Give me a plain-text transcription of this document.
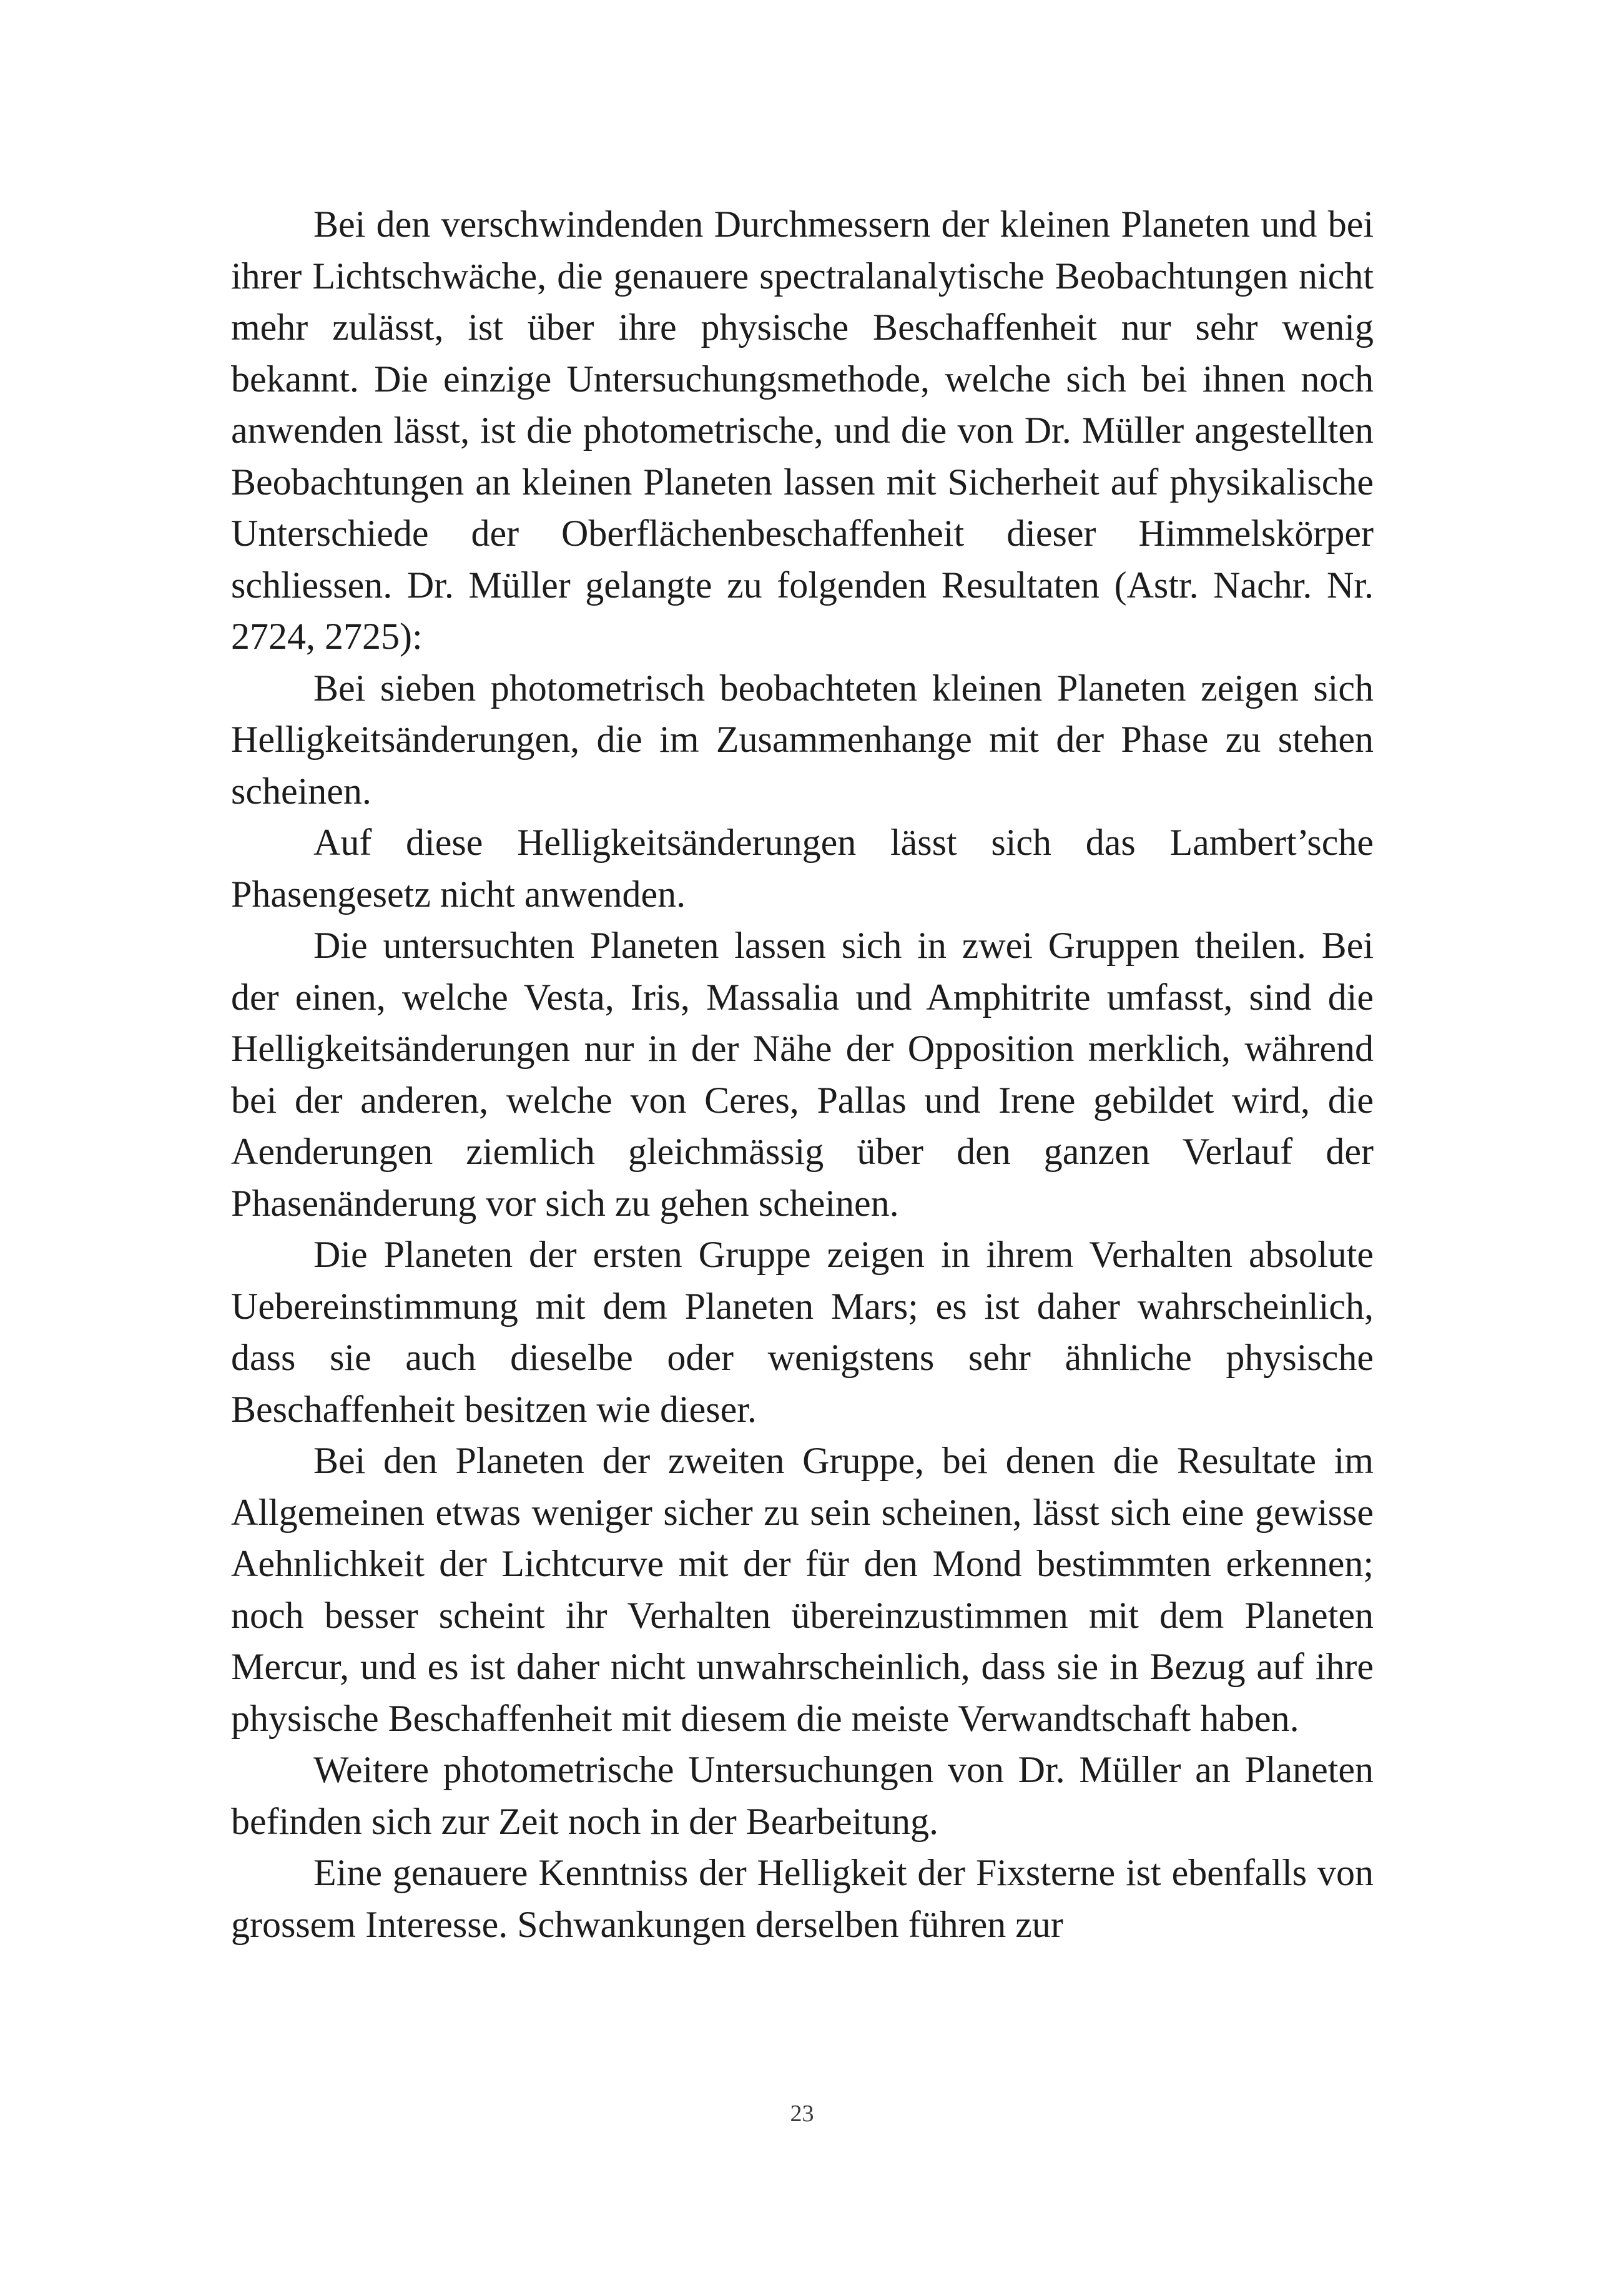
Bei den verschwindenden Durchmessern der kleinen Planeten und bei ihrer Lichtschwäche, die genauere spectralanalytische Beobachtungen nicht mehr zulässt, ist über ihre physische Beschaffenheit nur sehr wenig bekannt. Die einzige Untersuchungsmethode, welche sich bei ihnen noch anwenden lässt, ist die photometrische, und die von Dr. Müller angestellten Beobachtungen an kleinen Planeten lassen mit Sicherheit auf physikalische Unterschiede der Oberflächenbeschaffenheit dieser Himmelskörper schliessen. Dr. Müller gelangte zu folgenden Resultaten (Astr. Nachr. Nr. 2724, 2725):

Bei sieben photometrisch beobachteten kleinen Planeten zeigen sich Helligkeitsänderungen, die im Zusammenhange mit der Phase zu stehen scheinen.

Auf diese Helligkeitsänderungen lässt sich das Lambert’sche Phasengesetz nicht anwenden.

Die untersuchten Planeten lassen sich in zwei Gruppen theilen. Bei der einen, welche Vesta, Iris, Massalia und Amphitrite umfasst, sind die Helligkeitsänderungen nur in der Nähe der Opposition merklich, während bei der anderen, welche von Ceres, Pallas und Irene gebildet wird, die Aenderungen ziemlich gleichmässig über den ganzen Verlauf der Phasenänderung vor sich zu gehen scheinen.

Die Planeten der ersten Gruppe zeigen in ihrem Verhalten absolute Uebereinstimmung mit dem Planeten Mars; es ist daher wahrscheinlich, dass sie auch dieselbe oder wenigstens sehr ähnliche physische Beschaffenheit besitzen wie dieser.

Bei den Planeten der zweiten Gruppe, bei denen die Resultate im Allgemeinen etwas weniger sicher zu sein scheinen, lässt sich eine gewisse Aehnlichkeit der Lichtcurve mit der für den Mond bestimmten erkennen; noch besser scheint ihr Verhalten übereinzustimmen mit dem Planeten Mercur, und es ist daher nicht unwahrscheinlich, dass sie in Bezug auf ihre physische Beschaffenheit mit diesem die meiste Verwandtschaft haben.

Weitere photometrische Untersuchungen von Dr. Müller an Planeten befinden sich zur Zeit noch in der Bearbeitung.

Eine genauere Kenntniss der Helligkeit der Fixsterne ist ebenfalls von grossem Interesse. Schwankungen derselben führen zur

23
